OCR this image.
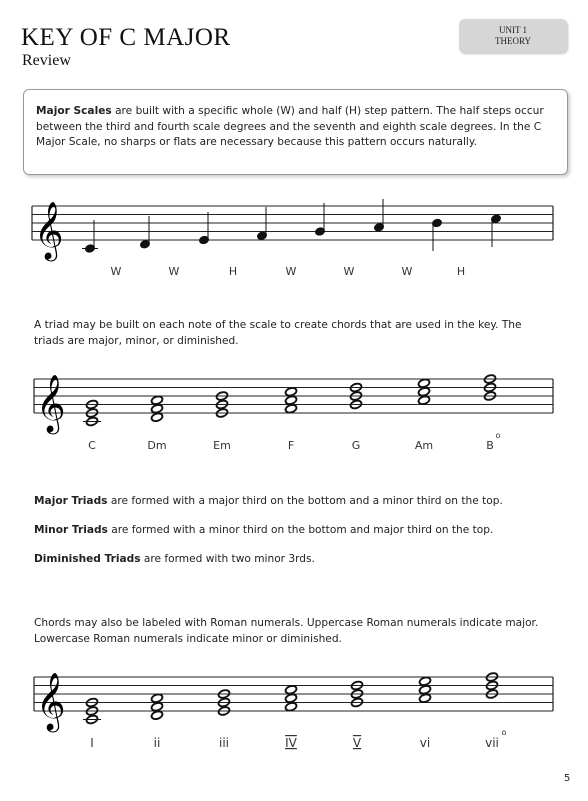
KEY OF C MAJOR
Review
UNIT 1
THEORY
Major Scales are built with a specific whole (W) and half (H) step pattern. The half steps occur between the third and fourth scale degrees and the seventh and eighth scale degrees. In the C Major Scale, no sharps or flats are necessary because this pattern occurs naturally.
𝄞
W	W	H	W	W	W	H
A triad may be built on each note of the scale to create chords that are used in the key. The triads are major, minor, or diminished.
𝄞
C	Dm	Em	F	G	Am	B
o
Major Triads are formed with a major third on the bottom and a minor third on the top.
Minor Triads are formed with a minor third on the bottom and major third on the top.
Diminished Triads are formed with two minor 3rds.
Chords may also be labeled with Roman numerals. Uppercase Roman numerals indicate major. Lowercase Roman numerals indicate minor or diminished.
𝄞
I	ii	iii	IV	V	vi	vii
o
5
